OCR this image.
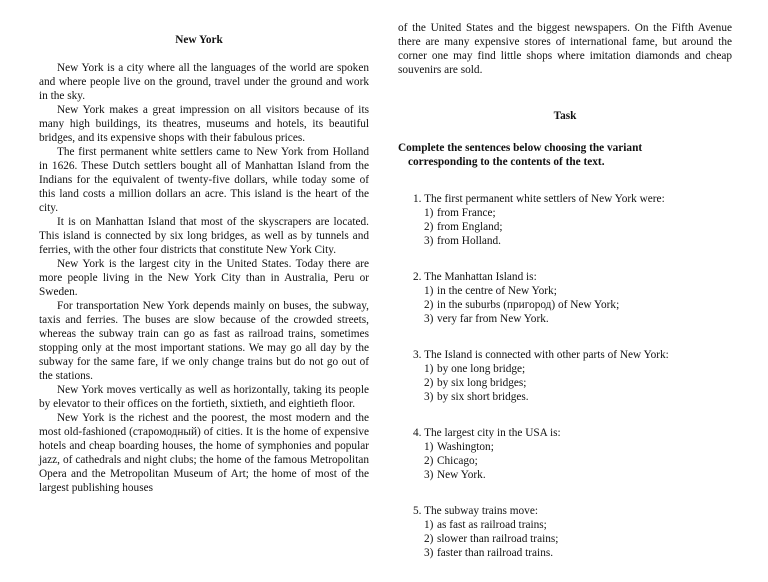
New York

New York is a city where all the languages of the world are spoken and where people live on the ground, travel under the ground and work in the sky.

New York makes a great impression on all visitors because of its many high buildings, its theatres, museums and hotels, its beautiful bridges, and its expensive shops with their fabulous prices.

The first permanent white settlers came to New York from Holland in 1626. These Dutch settlers bought all of Manhattan Island from the Indians for the equivalent of twenty-five dollars, while today some of this land costs a million dollars an acre. This island is the heart of the city.

It is on Manhattan Island that most of the skyscrapers are located. This island is connected by six long bridges, as well as by tunnels and ferries, with the other four districts that constitute New York City.

New York is the largest city in the United States. Today there are more people living in the New York City than in Australia, Peru or Sweden.

For transportation New York depends mainly on buses, the subway, taxis and ferries. The buses are slow because of the crowded streets, whereas the subway train can go as fast as railroad trains, sometimes stopping only at the most important stations. We may go all day by the subway for the same fare, if we only change trains but do not go out of the stations.

New York moves vertically as well as horizontally, taking its people by elevator to their offices on the fortieth, sixtieth, and eightieth floor.

New York is the richest and the poorest, the most modern and the most old-fashioned (старомодный) of cities. It is the home of expensive hotels and cheap boarding houses, the home of symphonies and popular jazz, of cathedrals and night clubs; the home of the famous Metropolitan Opera and the Metropolitan Museum of Art; the home of most of the largest publishing houses

of the United States and the biggest newspapers. On the Fifth Avenue there are many expensive stores of international fame, but around the corner one may find little shops where imitation diamonds and cheap souvenirs are sold.

Task

Complete the sentences below choosing the variant
corresponding to the contents of the text.

1. The first permanent white settlers of New York were:
1) from France;
2) from England;
3) from Holland.
2. The Manhattan Island is:
1) in the centre of New York;
2) in the suburbs (пригород) of New York;
3) very far from New York.
3. The Island is connected with other parts of New York:
1) by one long bridge;
2) by six long bridges;
3) by six short bridges.
4. The largest city in the USA is:
1) Washington;
2) Chicago;
3) New York.
5. The subway trains move:
1) as fast as railroad trains;
2) slower than railroad trains;
3) faster than railroad trains.
